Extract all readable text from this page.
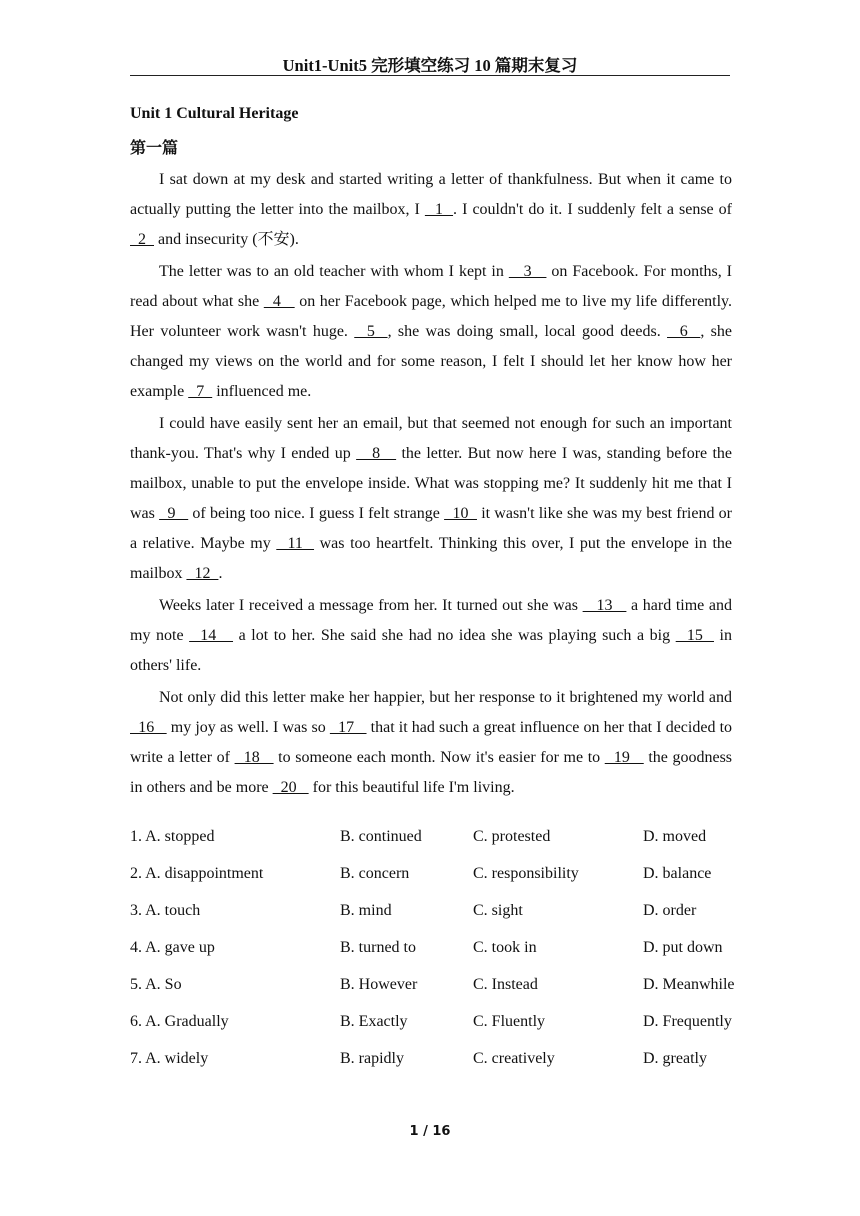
Unit1-Unit5 完形填空练习 10 篇期末复习
Unit 1 Cultural Heritage
第一篇

I sat down at my desk and started writing a letter of thankfulness. But when it came to actually putting the letter into the mailbox, I   1  . I couldn't do it. I suddenly felt a sense of   2   and insecurity (不安).

The letter was to an old teacher with whom I kept in    3    on Facebook. For months, I read about what she   4    on her Facebook page, which helped me to live my life differently. Her volunteer work wasn't huge.   5  , she was doing small, local good deeds.   6  , she changed my views on the world and for some reason, I felt I should let her know how her example   7   influenced me.

I could have easily sent her an email, but that seemed not enough for such an important thank-you. That's why I ended up    8    the letter. But now here I was, standing before the mailbox, unable to put the envelope inside. What was stopping me? It suddenly hit me that I was   9    of being too nice. I guess I felt strange   10   it wasn't like she was my best friend or a relative. Maybe my   11   was too heartfelt. Thinking this over, I put the envelope in the mailbox   12  .

Weeks later I received a message from her. It turned out she was    13    a hard time and my note   14    a lot to her. She said she had no idea she was playing such a big   15   in others' life.

Not only did this letter make her happier, but her response to it brightened my world and   16    my joy as well. I was so   17    that it had such a great influence on her that I decided to write a letter of   18    to someone each month. Now it's easier for me to   19    the goodness in others and be more   20    for this beautiful life I'm living.

1. A. stopped	B. continued	C. protested	D. moved
2. A. disappointment	B. concern	C. responsibility	D. balance
3. A. touch	B. mind	C. sight	D. order
4. A. gave up	B. turned to	C. took in	D. put down
5. A. So	B. However	C. Instead	D. Meanwhile
6. A. Gradually	B. Exactly	C. Fluently	D. Frequently
7. A. widely	B. rapidly	C. creatively	D. greatly
1 / 16
